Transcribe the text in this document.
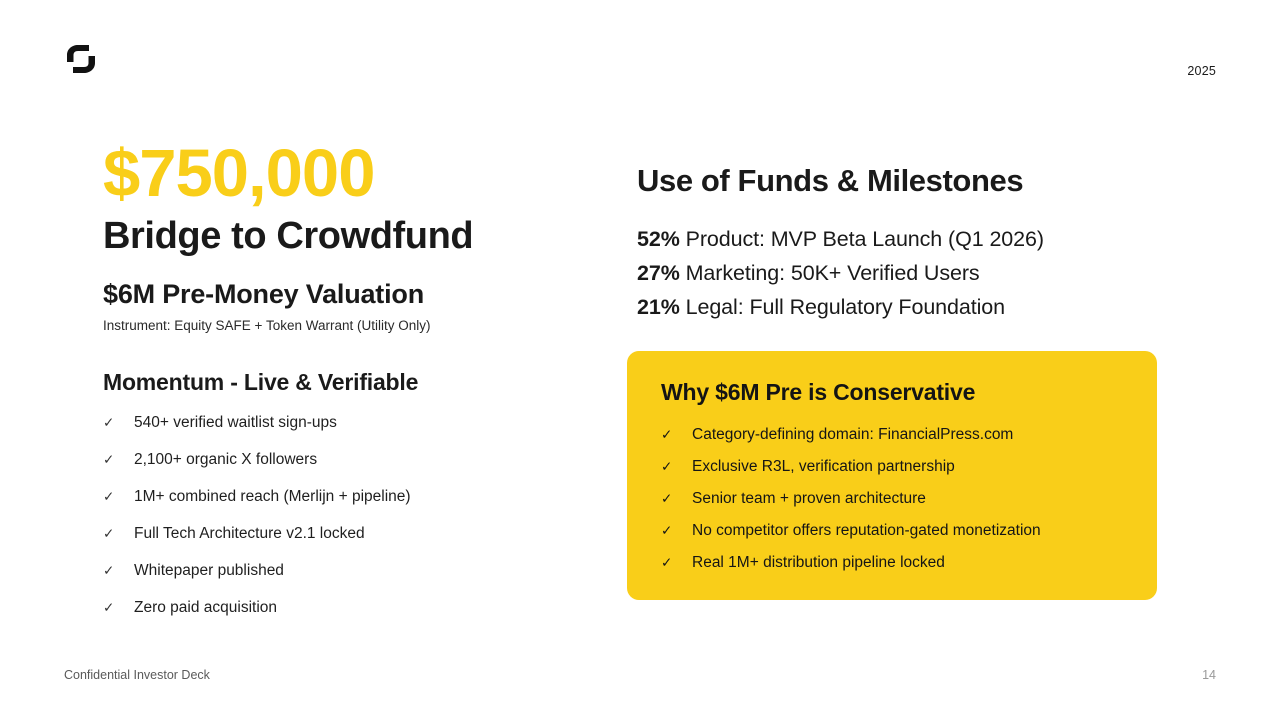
2025
$750,000
Bridge to Crowdfund
$6M Pre-Money Valuation

Instrument: Equity SAFE + Token Warrant (Utility Only)

Momentum - Live & Verifiable
✓	540+ verified waitlist sign-ups
✓	2,100+ organic X followers
✓	1M+ combined reach (Merlijn + pipeline)
✓	Full Tech Architecture v2.1 locked
✓	Whitepaper published
✓	Zero paid acquisition
Use of Funds & Milestones
52% Product: MVP Beta Launch (Q1 2026)
27% Marketing: 50K+ Verified Users
21% Legal: Full Regulatory Foundation
Why $6M Pre is Conservative
✓	Category-defining domain: FinancialPress.com
✓	Exclusive R3L, verification partnership
✓	Senior team + proven architecture
✓	No competitor offers reputation-gated monetization
✓	Real 1M+ distribution pipeline locked
Confidential Investor Deck	14
